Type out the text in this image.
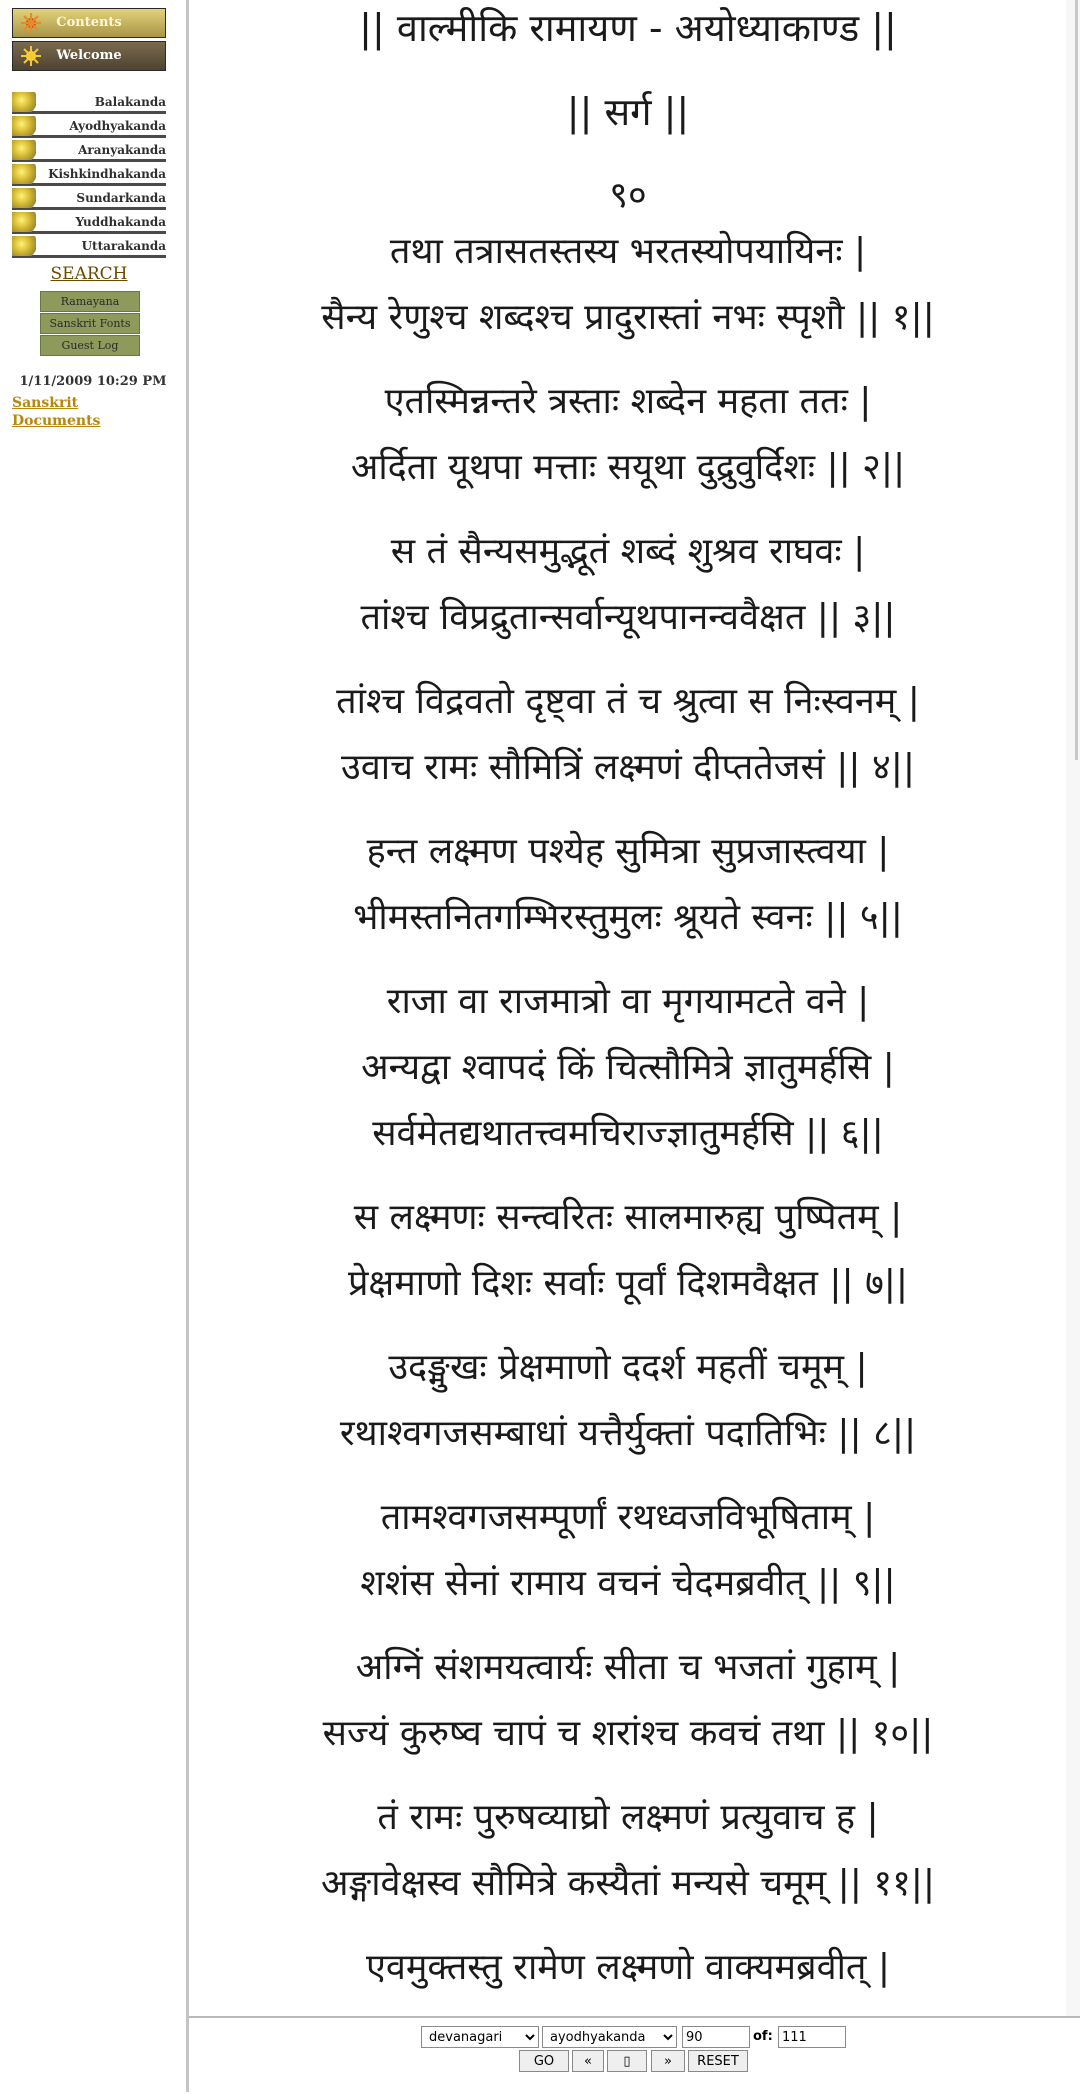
Contents
Welcome
Balakanda
Ayodhyakanda
Aranyakanda
Kishkindhakanda
Sundarkanda
Yuddhakanda
Uttarakanda
SEARCH
Ramayana
Sanskrit Fonts
Guest Log
1/11/2009 10:29 PM
Sanskrit Documents
|| वाल्मीकि रामायण - अयोध्याकाण्ड ||
|| सर्ग ||
९०
तथा तत्रासतस्तस्य भरतस्योपयायिनः |
सैन्य रेणुश्च शब्दश्च प्रादुरास्तां नभः स्पृशौ || १||
एतस्मिन्नन्तरे त्रस्ताः शब्देन महता ततः |
अर्दिता यूथपा मत्ताः सयूथा दुद्रुवुर्दिशः || २||
स तं सैन्यसमुद्भूतं शब्दं शुश्रव राघवः |
तांश्च विप्रद्रुतान्सर्वान्यूथपानन्ववैक्षत || ३||
तांश्च विद्रवतो दृष्ट्वा तं च श्रुत्वा स निःस्वनम् |
उवाच रामः सौमित्रिं लक्ष्मणं दीप्ततेजसं || ४||
हन्त लक्ष्मण पश्येह सुमित्रा सुप्रजास्त्वया |
भीमस्तनितगम्भिरस्तुमुलः श्रूयते स्वनः || ५||
राजा वा राजमात्रो वा मृगयामटते वने |
अन्यद्वा श्वापदं किं चित्सौमित्रे ज्ञातुमर्हसि |
सर्वमेतद्यथातत्त्वमचिराज्ज्ञातुमर्हसि || ६||
स लक्ष्मणः सन्त्वरितः सालमारुह्य पुष्पितम् |
प्रेक्षमाणो दिशः सर्वाः पूर्वां दिशमवैक्षत || ७||
उदङ्मुखः प्रेक्षमाणो ददर्श महतीं चमूम् |
रथाश्वगजसम्बाधां यत्तैर्युक्तां पदातिभिः || ८||
तामश्वगजसम्पूर्णां रथध्वजविभूषिताम् |
शशंस सेनां रामाय वचनं चेदमब्रवीत् || ९||
अग्निं संशमयत्वार्यः सीता च भजतां गुहाम् |
सज्यं कुरुष्व चापं च शरांश्च कवचं तथा || १०||
तं रामः पुरुषव्याघ्रो लक्ष्मणं प्रत्युवाच ह |
अङ्गावेक्षस्व सौमित्रे कस्यैतां मन्यसे चमूम् || ११||
एवमुक्तस्तु रामेण लक्ष्मणो वाक्यमब्रवीत् |
devanagari
ayodhyakanda
90
of:
111
GO	«	▯	»	RESET
